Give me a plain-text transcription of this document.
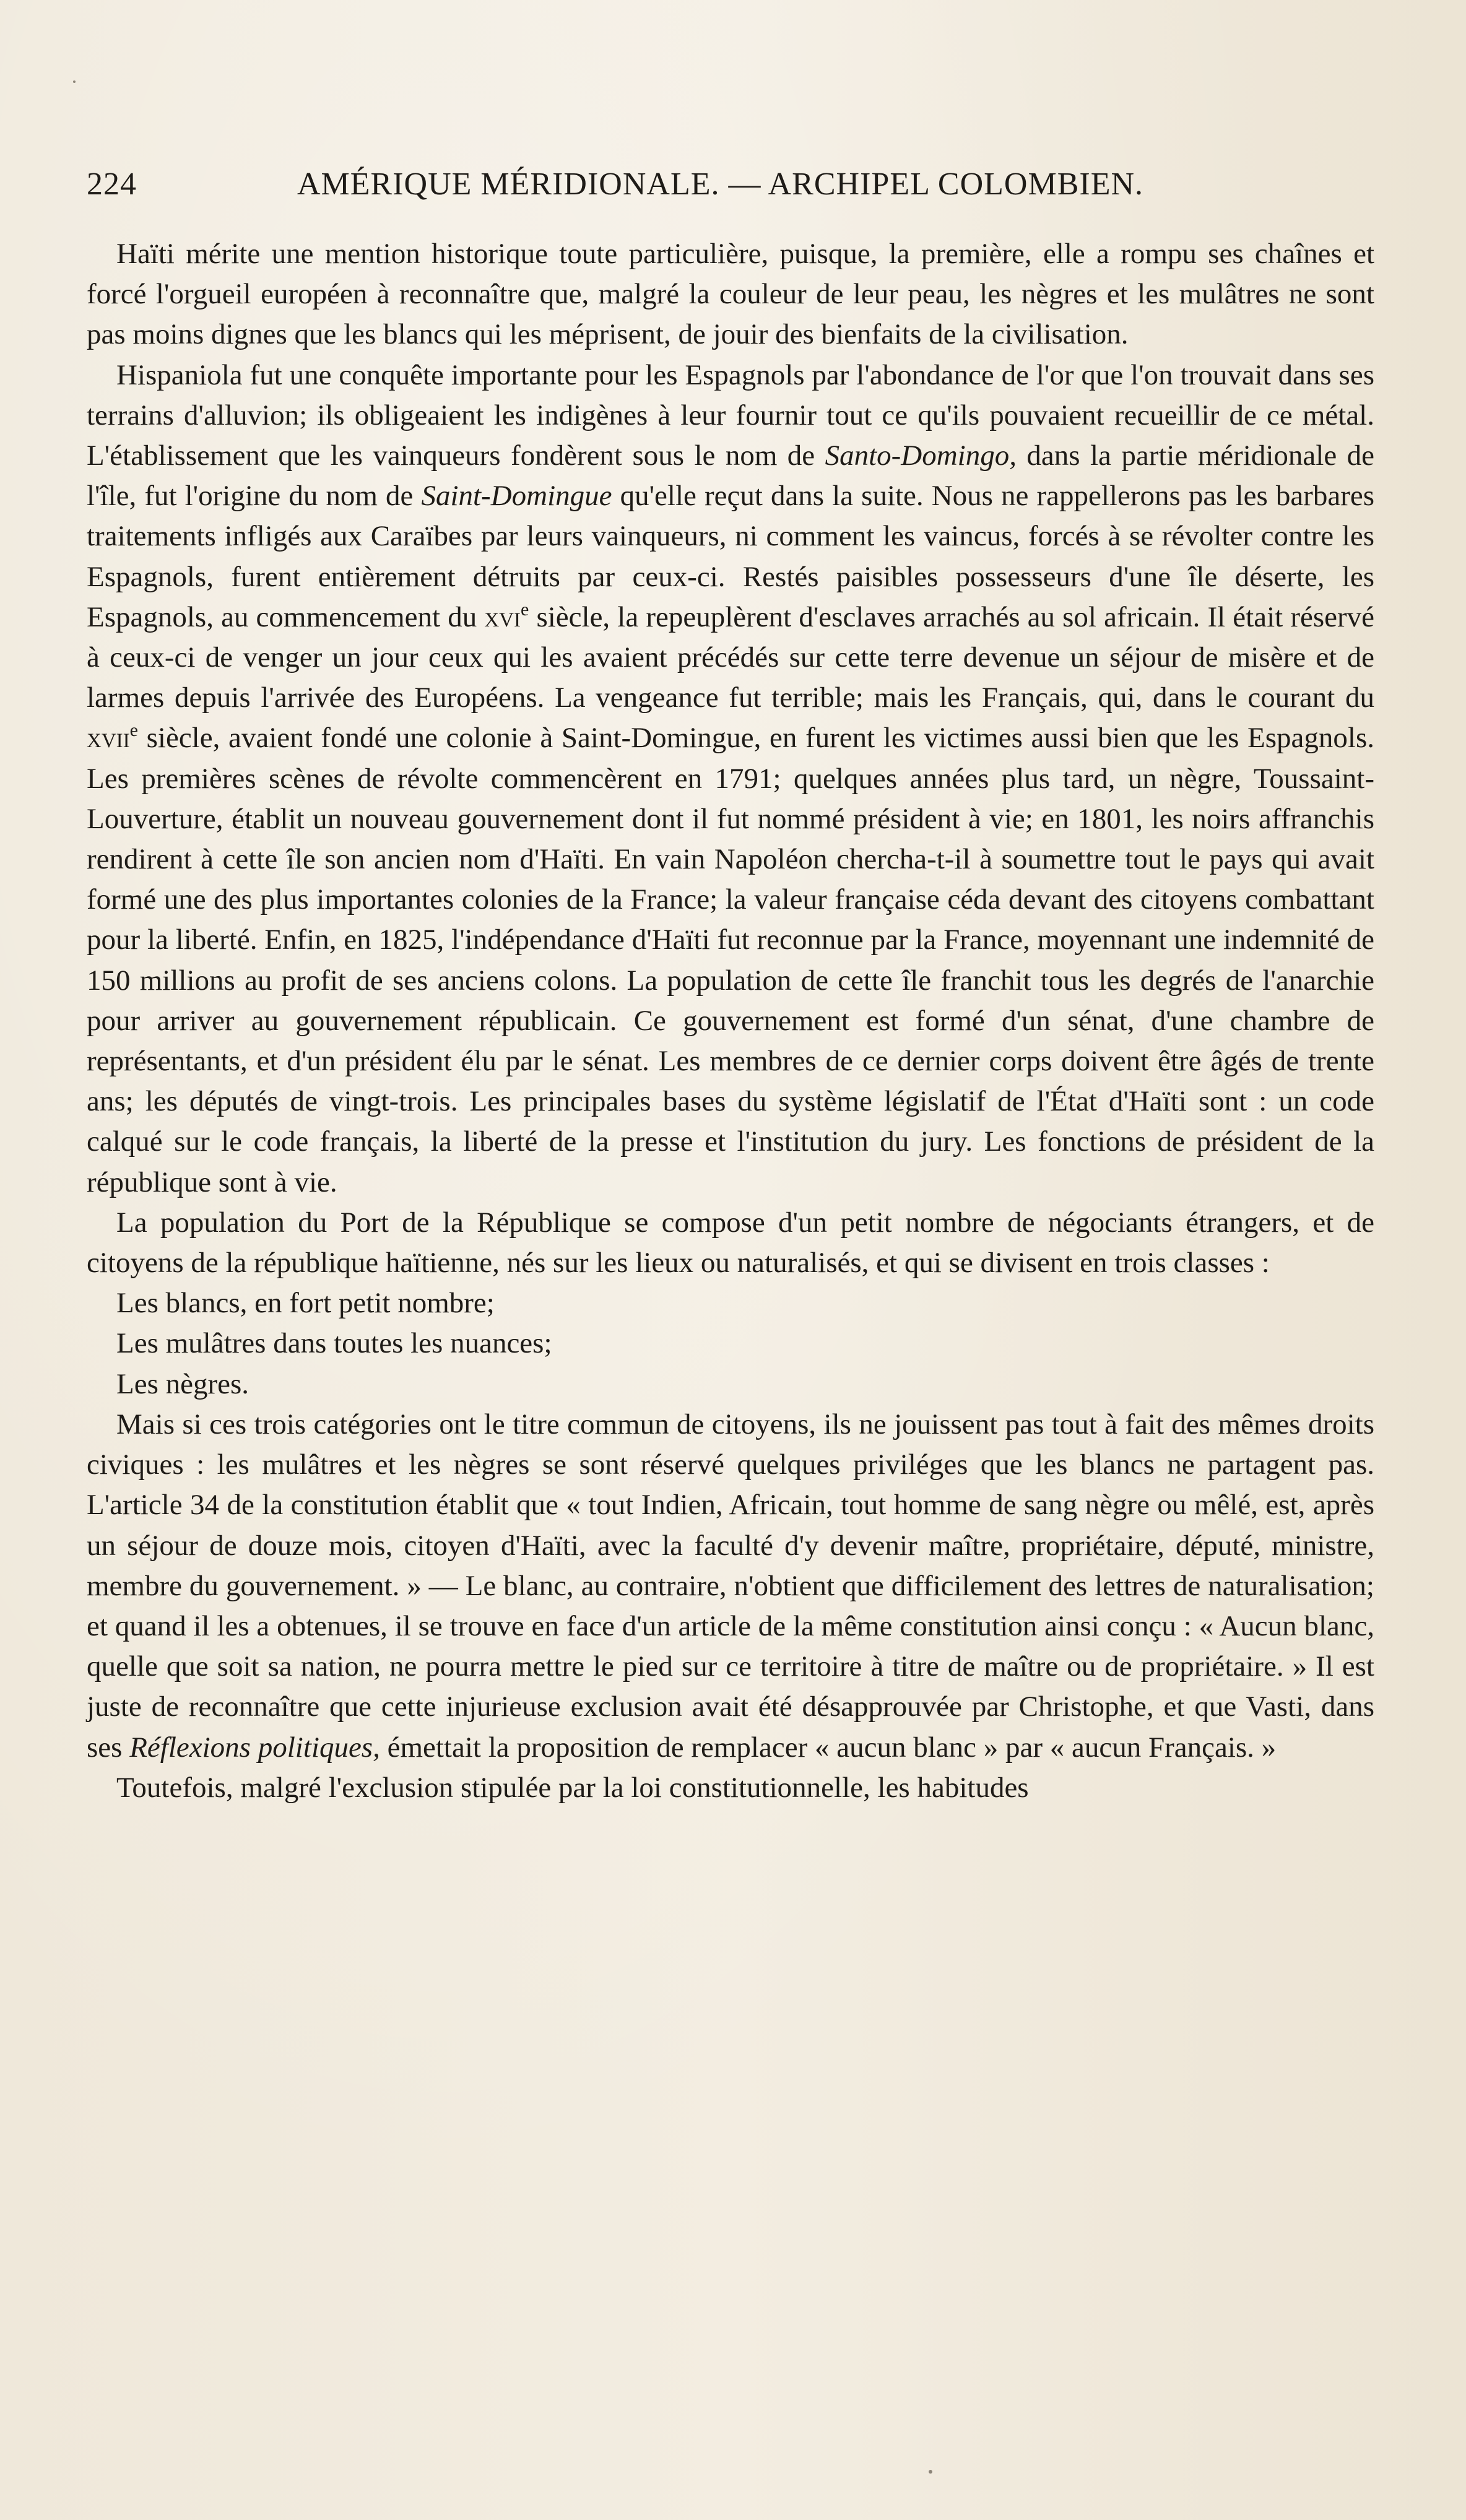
224	AMÉRIQUE MÉRIDIONALE. — ARCHIPEL COLOMBIEN.

Haïti mérite une mention historique toute particulière, puisque, la première, elle a rompu ses chaînes et forcé l'orgueil européen à reconnaître que, malgré la couleur de leur peau, les nègres et les mulâtres ne sont pas moins dignes que les blancs qui les méprisent, de jouir des bienfaits de la civilisation.

Hispaniola fut une conquête importante pour les Espagnols par l'abondance de l'or que l'on trouvait dans ses terrains d'alluvion; ils obligeaient les indigènes à leur fournir tout ce qu'ils pouvaient recueillir de ce métal. L'établissement que les vainqueurs fondèrent sous le nom de Santo-Domingo, dans la partie méridionale de l'île, fut l'origine du nom de Saint-Domingue qu'elle reçut dans la suite. Nous ne rappellerons pas les barbares traitements infligés aux Caraïbes par leurs vainqueurs, ni comment les vaincus, forcés à se révolter contre les Espagnols, furent entièrement détruits par ceux-ci. Restés paisibles possesseurs d'une île déserte, les Espagnols, au commencement du xvi$^e$ siècle, la repeuplèrent d'esclaves arrachés au sol africain. Il était réservé à ceux-ci de venger un jour ceux qui les avaient précédés sur cette terre devenue un séjour de misère et de larmes depuis l'arrivée des Européens. La vengeance fut terrible; mais les Français, qui, dans le courant du xvii$^e$ siècle, avaient fondé une colonie à Saint-Domingue, en furent les victimes aussi bien que les Espagnols. Les premières scènes de révolte commencèrent en 1791; quelques années plus tard, un nègre, Toussaint-Louverture, établit un nouveau gouvernement dont il fut nommé président à vie; en 1801, les noirs affranchis rendirent à cette île son ancien nom d'Haïti. En vain Napoléon chercha-t-il à soumettre tout le pays qui avait formé une des plus importantes colonies de la France; la valeur française céda devant des citoyens combattant pour la liberté. Enfin, en 1825, l'indépendance d'Haïti fut reconnue par la France, moyennant une indemnité de 150 millions au profit de ses anciens colons. La population de cette île franchit tous les degrés de l'anarchie pour arriver au gouvernement républicain. Ce gouvernement est formé d'un sénat, d'une chambre de représentants, et d'un président élu par le sénat. Les membres de ce dernier corps doivent être âgés de trente ans; les députés de vingt-trois. Les principales bases du système législatif de l'État d'Haïti sont : un code calqué sur le code français, la liberté de la presse et l'institution du jury. Les fonctions de président de la république sont à vie.

La population du Port de la République se compose d'un petit nombre de négociants étrangers, et de citoyens de la république haïtienne, nés sur les lieux ou naturalisés, et qui se divisent en trois classes :

Les blancs, en fort petit nombre;

Les mulâtres dans toutes les nuances;

Les nègres.

Mais si ces trois catégories ont le titre commun de citoyens, ils ne jouissent pas tout à fait des mêmes droits civiques : les mulâtres et les nègres se sont réservé quelques priviléges que les blancs ne partagent pas. L'article 34 de la constitution établit que « tout Indien, Africain, tout homme de sang nègre ou mêlé, est, après un séjour de douze mois, citoyen d'Haïti, avec la faculté d'y devenir maître, propriétaire, député, ministre, membre du gouvernement. » — Le blanc, au contraire, n'obtient que difficilement des lettres de naturalisation; et quand il les a obtenues, il se trouve en face d'un article de la même constitution ainsi conçu : « Aucun blanc, quelle que soit sa nation, ne pourra mettre le pied sur ce territoire à titre de maître ou de propriétaire. » Il est juste de reconnaître que cette injurieuse exclusion avait été désapprouvée par Christophe, et que Vasti, dans ses Réflexions politiques, émettait la proposition de remplacer « aucun blanc » par « aucun Français. »

Toutefois, malgré l'exclusion stipulée par la loi constitutionnelle, les habitudes
